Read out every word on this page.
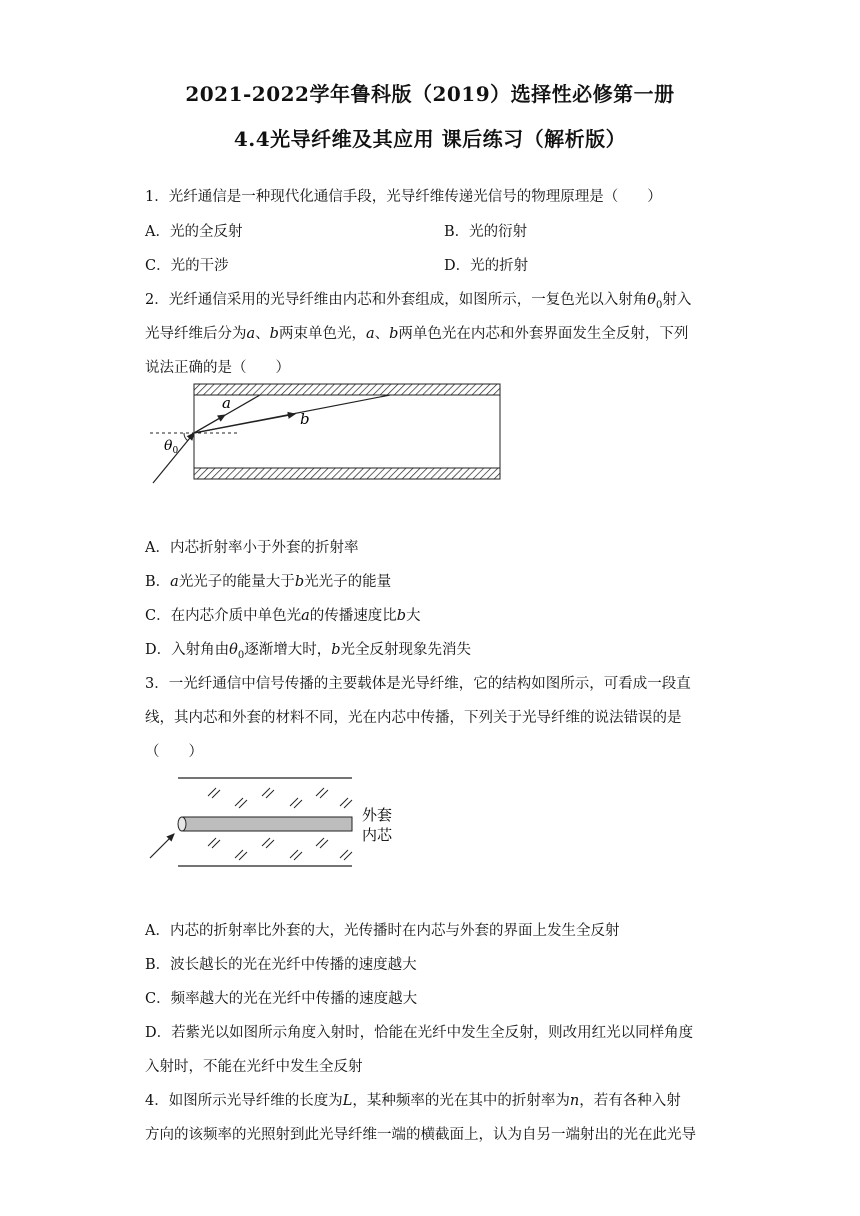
2021-2022学年鲁科版（2019）选择性必修第一册
4.4光导纤维及其应用 课后练习（解析版）
1．光纤通信是一种现代化通信手段，光导纤维传递光信号的物理原理是（　　）
A．光的全反射	B．光的衍射
C．光的干涉	D．光的折射
2．光纤通信采用的光导纤维由内芯和外套组成，如图所示，一复色光以入射角$\theta_0$射入
光导纤维后分为a、b两束单色光，a、b两单色光在内芯和外套界面发生全反射，下列
说法正确的是（　　）
a
b
$\theta_0$
A．内芯折射率小于外套的折射率
B．a光光子的能量大于b光光子的能量
C．在内芯介质中单色光a的传播速度比b大
D．入射角由$\theta_0$逐渐增大时，b光全反射现象先消失
3．一光纤通信中信号传播的主要载体是光导纤维，它的结构如图所示，可看成一段直
线，其内芯和外套的材料不同，光在内芯中传播，下列关于光导纤维的说法错误的是
（　　）
外套
内芯
A．内芯的折射率比外套的大，光传播时在内芯与外套的界面上发生全反射
B．波长越长的光在光纤中传播的速度越大
C．频率越大的光在光纤中传播的速度越大
D．若紫光以如图所示角度入射时，恰能在光纤中发生全反射，则改用红光以同样角度
入射时，不能在光纤中发生全反射
4．如图所示光导纤维的长度为L，某种频率的光在其中的折射率为n，若有各种入射
方向的该频率的光照射到此光导纤维一端的横截面上，认为自另一端射出的光在此光导
